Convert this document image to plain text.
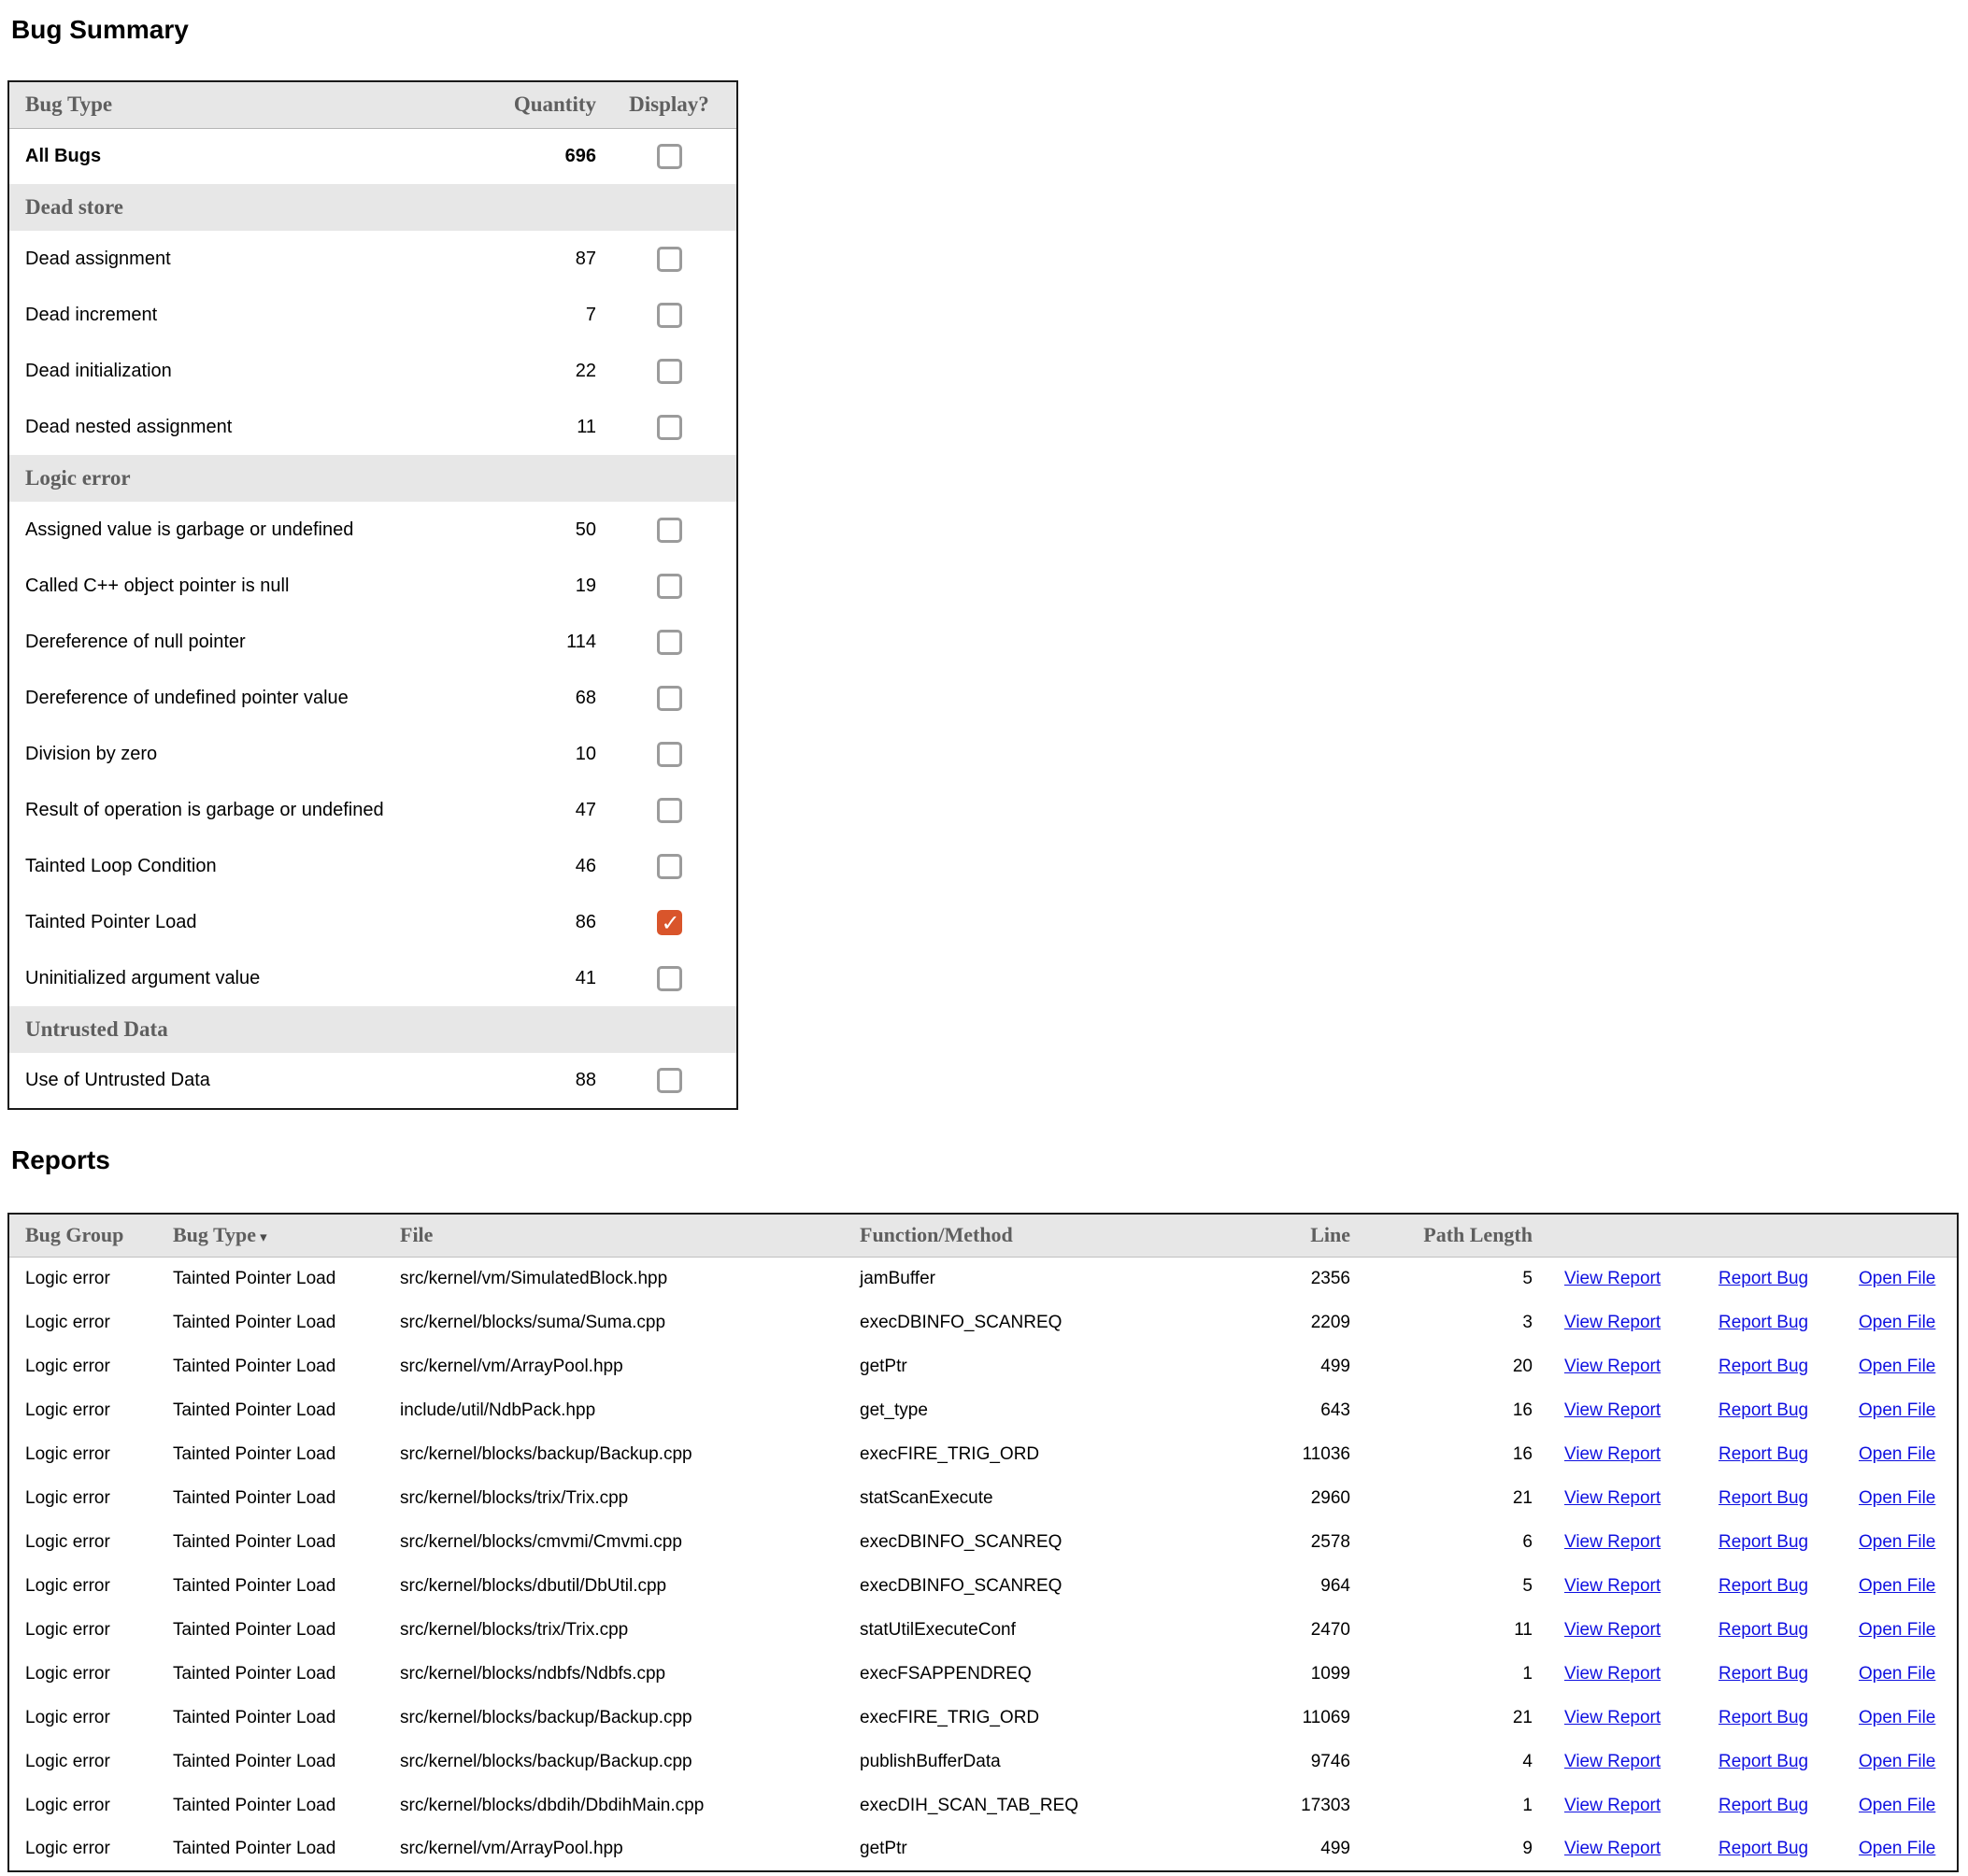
Bug Summary
Bug Type	Quantity	Display?
All Bugs	696	
Dead store		
Dead assignment	87	
Dead increment	7	
Dead initialization	22	
Dead nested assignment	11	
Logic error		
Assigned value is garbage or undefined	50	
Called C++ object pointer is null	19	
Dereference of null pointer	114	
Dereference of undefined pointer value	68	
Division by zero	10	
Result of operation is garbage or undefined	47	
Tainted Loop Condition	46	
Tainted Pointer Load	86	
Uninitialized argument value	41	
Untrusted Data		
Use of Untrusted Data	88	
Reports
Bug Group	Bug Type ▾	File	Function/Method	Line	Path Length			
Logic error	Tainted Pointer Load	src/kernel/vm/SimulatedBlock.hpp	jamBuffer	2356	5	View Report	Report Bug	Open File
Logic error	Tainted Pointer Load	src/kernel/blocks/suma/Suma.cpp	execDBINFO_SCANREQ	2209	3	View Report	Report Bug	Open File
Logic error	Tainted Pointer Load	src/kernel/vm/ArrayPool.hpp	getPtr	499	20	View Report	Report Bug	Open File
Logic error	Tainted Pointer Load	include/util/NdbPack.hpp	get_type	643	16	View Report	Report Bug	Open File
Logic error	Tainted Pointer Load	src/kernel/blocks/backup/Backup.cpp	execFIRE_TRIG_ORD	11036	16	View Report	Report Bug	Open File
Logic error	Tainted Pointer Load	src/kernel/blocks/trix/Trix.cpp	statScanExecute	2960	21	View Report	Report Bug	Open File
Logic error	Tainted Pointer Load	src/kernel/blocks/cmvmi/Cmvmi.cpp	execDBINFO_SCANREQ	2578	6	View Report	Report Bug	Open File
Logic error	Tainted Pointer Load	src/kernel/blocks/dbutil/DbUtil.cpp	execDBINFO_SCANREQ	964	5	View Report	Report Bug	Open File
Logic error	Tainted Pointer Load	src/kernel/blocks/trix/Trix.cpp	statUtilExecuteConf	2470	11	View Report	Report Bug	Open File
Logic error	Tainted Pointer Load	src/kernel/blocks/ndbfs/Ndbfs.cpp	execFSAPPENDREQ	1099	1	View Report	Report Bug	Open File
Logic error	Tainted Pointer Load	src/kernel/blocks/backup/Backup.cpp	execFIRE_TRIG_ORD	11069	21	View Report	Report Bug	Open File
Logic error	Tainted Pointer Load	src/kernel/blocks/backup/Backup.cpp	publishBufferData	9746	4	View Report	Report Bug	Open File
Logic error	Tainted Pointer Load	src/kernel/blocks/dbdih/DbdihMain.cpp	execDIH_SCAN_TAB_REQ	17303	1	View Report	Report Bug	Open File
Logic error	Tainted Pointer Load	src/kernel/vm/ArrayPool.hpp	getPtr	499	9	View Report	Report Bug	Open File
